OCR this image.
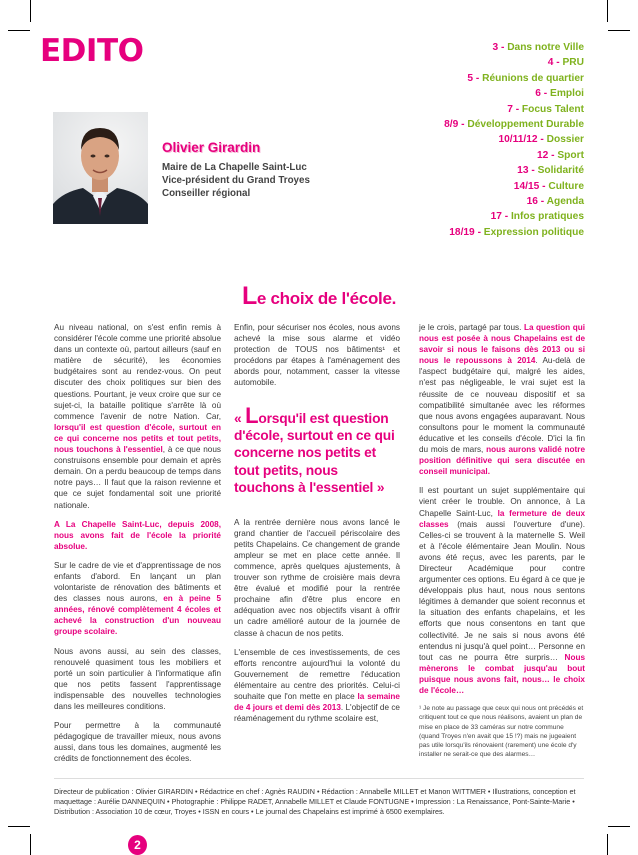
EDITO	3 - Dans notre Ville
4 - PRU
5 - Réunions de quartier
6 - Emploi
7 - Focus Talent
8/9 - Développement Durable
10/11/12 - Dossier
12 - Sport
13 - Solidarité
14/15 - Culture
16 - Agenda
17 - Infos pratiques
18/19 - Expression politique
Olivier Girardin
Maire de La Chapelle Saint-Luc
Vice-président du Grand Troyes
Conseiller régional
Le choix de l'école.

Au niveau national, on s'est enfin remis à considérer l'école comme une priorité absolue dans un contexte où, partout ailleurs (sauf en matière de sécurité), les économies budgétaires sont au rendez-vous. On peut discuter des choix politiques sur bien des questions. Pourtant, je veux croire que sur ce sujet-ci, la bataille politique s'arrête là où commence l'avenir de notre Nation. Car, lorsqu'il est question d'école, surtout en ce qui concerne nos petits et tout petits, nous touchons à l'essentiel, à ce que nous construisons ensemble pour demain et après demain. On a perdu beaucoup de temps dans notre pays… Il faut que la raison revienne et que ce sujet fondamental soit une priorité nationale.

A La Chapelle Saint-Luc, depuis 2008, nous avons fait de l'école la priorité absolue.

Sur le cadre de vie et d'apprentissage de nos enfants d'abord. En lançant un plan volontariste de rénovation des bâtiments et des classes nous aurons, en à peine 5 années, rénové complètement 4 écoles et achevé la construction d'un nouveau groupe scolaire.

Nous avons aussi, au sein des classes, renouvelé quasiment tous les mobiliers et porté un soin particulier à l'informatique afin que nos petits fassent l'apprentissage indispensable des nouvelles technologies dans les meilleures conditions.

Pour permettre à la communauté pédagogique de travailler mieux, nous avons aussi, dans tous les domaines, augmenté les crédits de fonctionnement des écoles.

Enfin, pour sécuriser nos écoles, nous avons achevé la mise sous alarme et vidéo protection de TOUS nos bâtiments¹ et procédons par étapes à l'aménagement des abords pour, notamment, casser la vitesse automobile.

« Lorsqu'il est question d'école, surtout en ce qui concerne nos petits et tout petits, nous touchons à l'essentiel »

A la rentrée dernière nous avons lancé le grand chantier de l'accueil périscolaire des petits Chapelains. Ce changement de grande ampleur se met en place cette année. Il commence, après quelques ajustements, à trouver son rythme de croisière mais devra être évalué et modifié pour la rentrée prochaine afin d'être plus encore en adéquation avec nos objectifs visant à offrir un cadre amélioré autour de la journée de classe à chacun de nos petits.

L'ensemble de ces investissements, de ces efforts rencontre aujourd'hui la volonté du Gouvernement de remettre l'éducation élémentaire au centre des priorités. Celui-ci souhaite que l'on mette en place la semaine de 4 jours et demi dès 2013. L'objectif de ce réaménagement du rythme scolaire est,

je le crois, partagé par tous. La question qui nous est posée à nous Chapelains est de savoir si nous le faisons dès 2013 ou si nous le repoussons à 2014. Au-delà de l'aspect budgétaire qui, malgré les aides, n'est pas négligeable, le vrai sujet est la réussite de ce nouveau dispositif et sa compatibilité simultanée avec les réformes que nous avons engagées auparavant. Nous consultons pour le moment la communauté éducative et les conseils d'école. D'ici la fin du mois de mars, nous aurons validé notre position définitive qui sera discutée en conseil municipal.

Il est pourtant un sujet supplémentaire qui vient créer le trouble. On annonce, à La Chapelle Saint-Luc, la fermeture de deux classes (mais aussi l'ouverture d'une). Celles-ci se trouvent à la maternelle S. Weil et à l'école élémentaire Jean Moulin. Nous avons été reçus, avec les parents, par le Directeur Académique pour contre argumenter ces options. Eu égard à ce que je développais plus haut, nous nous sentons légitimes à demander que soient reconnus et la situation des enfants chapelains, et les efforts que nous consentons en tant que collectivité. Je ne sais si nous avons été entendus ni jusqu'à quel point… Personne en tout cas ne pourra être surpris… Nous mènerons le combat jusqu'au bout puisque nous avons fait, nous… le choix de l'école…

¹ Je note au passage que ceux qui nous ont précédés et critiquent tout ce que nous réalisons, avaient un plan de mise en place de 33 caméras sur notre commune (quand Troyes n'en avait que 15 !?) mais ne jugeaient pas utile lorsqu'ils rénovaient (rarement) une école d'y installer ne serait-ce que des alarmes…
Directeur de publication : Olivier GIRARDIN • Rédactrice en chef : Agnès RAUDIN • Rédaction : Annabelle MILLET et Manon WITTMER • Illustrations, conception et maquettage : Aurélie DANNEQUIN • Photographie : Philippe RADET, Annabelle MILLET et Claude FONTUGNE • Impression : La Renaissance, Pont-Sainte-Marie • Distribution : Association 10 de cœur, Troyes • ISSN en cours • Le journal des Chapelains est imprimé à 6500 exemplaires.
2
